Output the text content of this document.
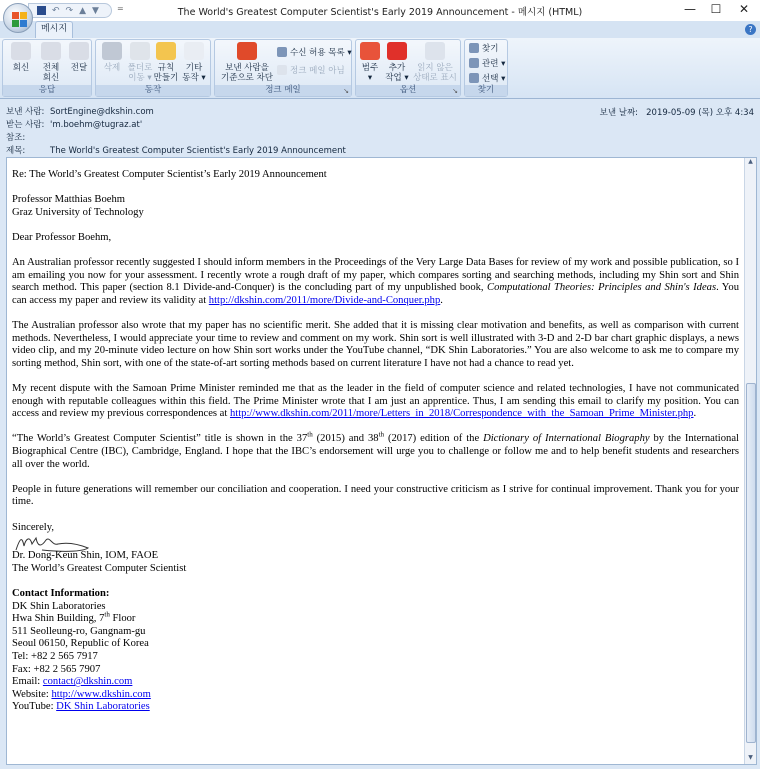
The World's Greatest Computer Scientist's Early 2019 Announcement - 메시지 (HTML)	—	☐	✕
↶ ↷ ▲ ▼ =
메시지	?
회신	전체
회신
전달
응답
삭제 폴더로
이동 ▾
규칙
만들기
기타
동작 ▾
동작
보낸 사람을
기준으로 차단
수신 허용 목록 ▾
정크 메일 아님
정크 메일	↘
범주
▾
추가
작업 ▾
읽지 않은
상태로 표시
옵션	↘
찾기
관련 ▾
선택 ▾
찾기
보낸 사람: SortEngine@dkshin.com
받는 사람: 'm.boehm@tugraz.at'
참조:
제목:	The World's Greatest Computer Scientist's Early 2019 Announcement
보낸 날짜: 2019-05-09 (목) 오후 4:34

Re: The World’s Greatest Computer Scientist’s Early 2019 Announcement

Professor Matthias Boehm
Graz University of Technology

Dear Professor Boehm,

An Australian professor recently suggested I should inform members in the Proceedings of the Very Large Data Bases for review of my work and possible publication, so I am emailing you now for your assessment. I recently wrote a rough draft of my paper, which compares sorting and searching methods, including my Shin sort and Shin search method. This paper (section 8.1 Divide-and-Conquer) is the concluding part of my unpublished book, Computational Theories: Principles and Shin's Ideas. You can access my paper and review its validity at http://dkshin.com/2011/more/Divide-and-Conquer.php.

The Australian professor also wrote that my paper has no scientific merit. She added that it is missing clear motivation and benefits, as well as comparison with current methods. Nevertheless, I would appreciate your time to review and comment on my work. Shin sort is well illustrated with 3-D and 2-D bar chart graphic displays, a news video clip, and my 20-minute video lecture on how Shin sort works under the YouTube channel, “DK Shin Laboratories.” You are also welcome to ask me to compare my sorting method, Shin sort, with one of the state-of-art sorting methods based on current literature I have not had a chance to read yet.

My recent dispute with the Samoan Prime Minister reminded me that as the leader in the field of computer science and related technologies, I have not communicated enough with reputable colleagues within this field. The Prime Minister wrote that I am just an apprentice. Thus, I am sending this email to clarify my position. You can access and review my previous correspondences at http://www.dkshin.com/2011/more/Letters_in_2018/Correspondence_with_the_Samoan_Prime_Minister.php.

“The World’s Greatest Computer Scientist” title is shown in the 37th (2015) and 38th (2017) edition of the Dictionary of International Biography by the International Biographical Centre (IBC), Cambridge, England. I hope that the IBC’s endorsement will urge you to challenge or follow me and to help benefit students and researchers all over the world.

People in future generations will remember our conciliation and cooperation. I need your constructive criticism as I strive for continual improvement. Thank you for your time.

Sincerely,
Dr. Dong-Keun Shin, IOM, FAOE
The World’s Greatest Computer Scientist

Contact Information:
DK Shin Laboratories
Hwa Shin Building, 7th Floor
511 Seolleung-ro, Gangnam-gu
Seoul 06150, Republic of Korea
Tel: +82 2 565 7917
Fax: +82 2 565 7907
Email: contact@dkshin.com
Website: http://www.dkshin.com
YouTube: DK Shin Laboratories

▲
▼
